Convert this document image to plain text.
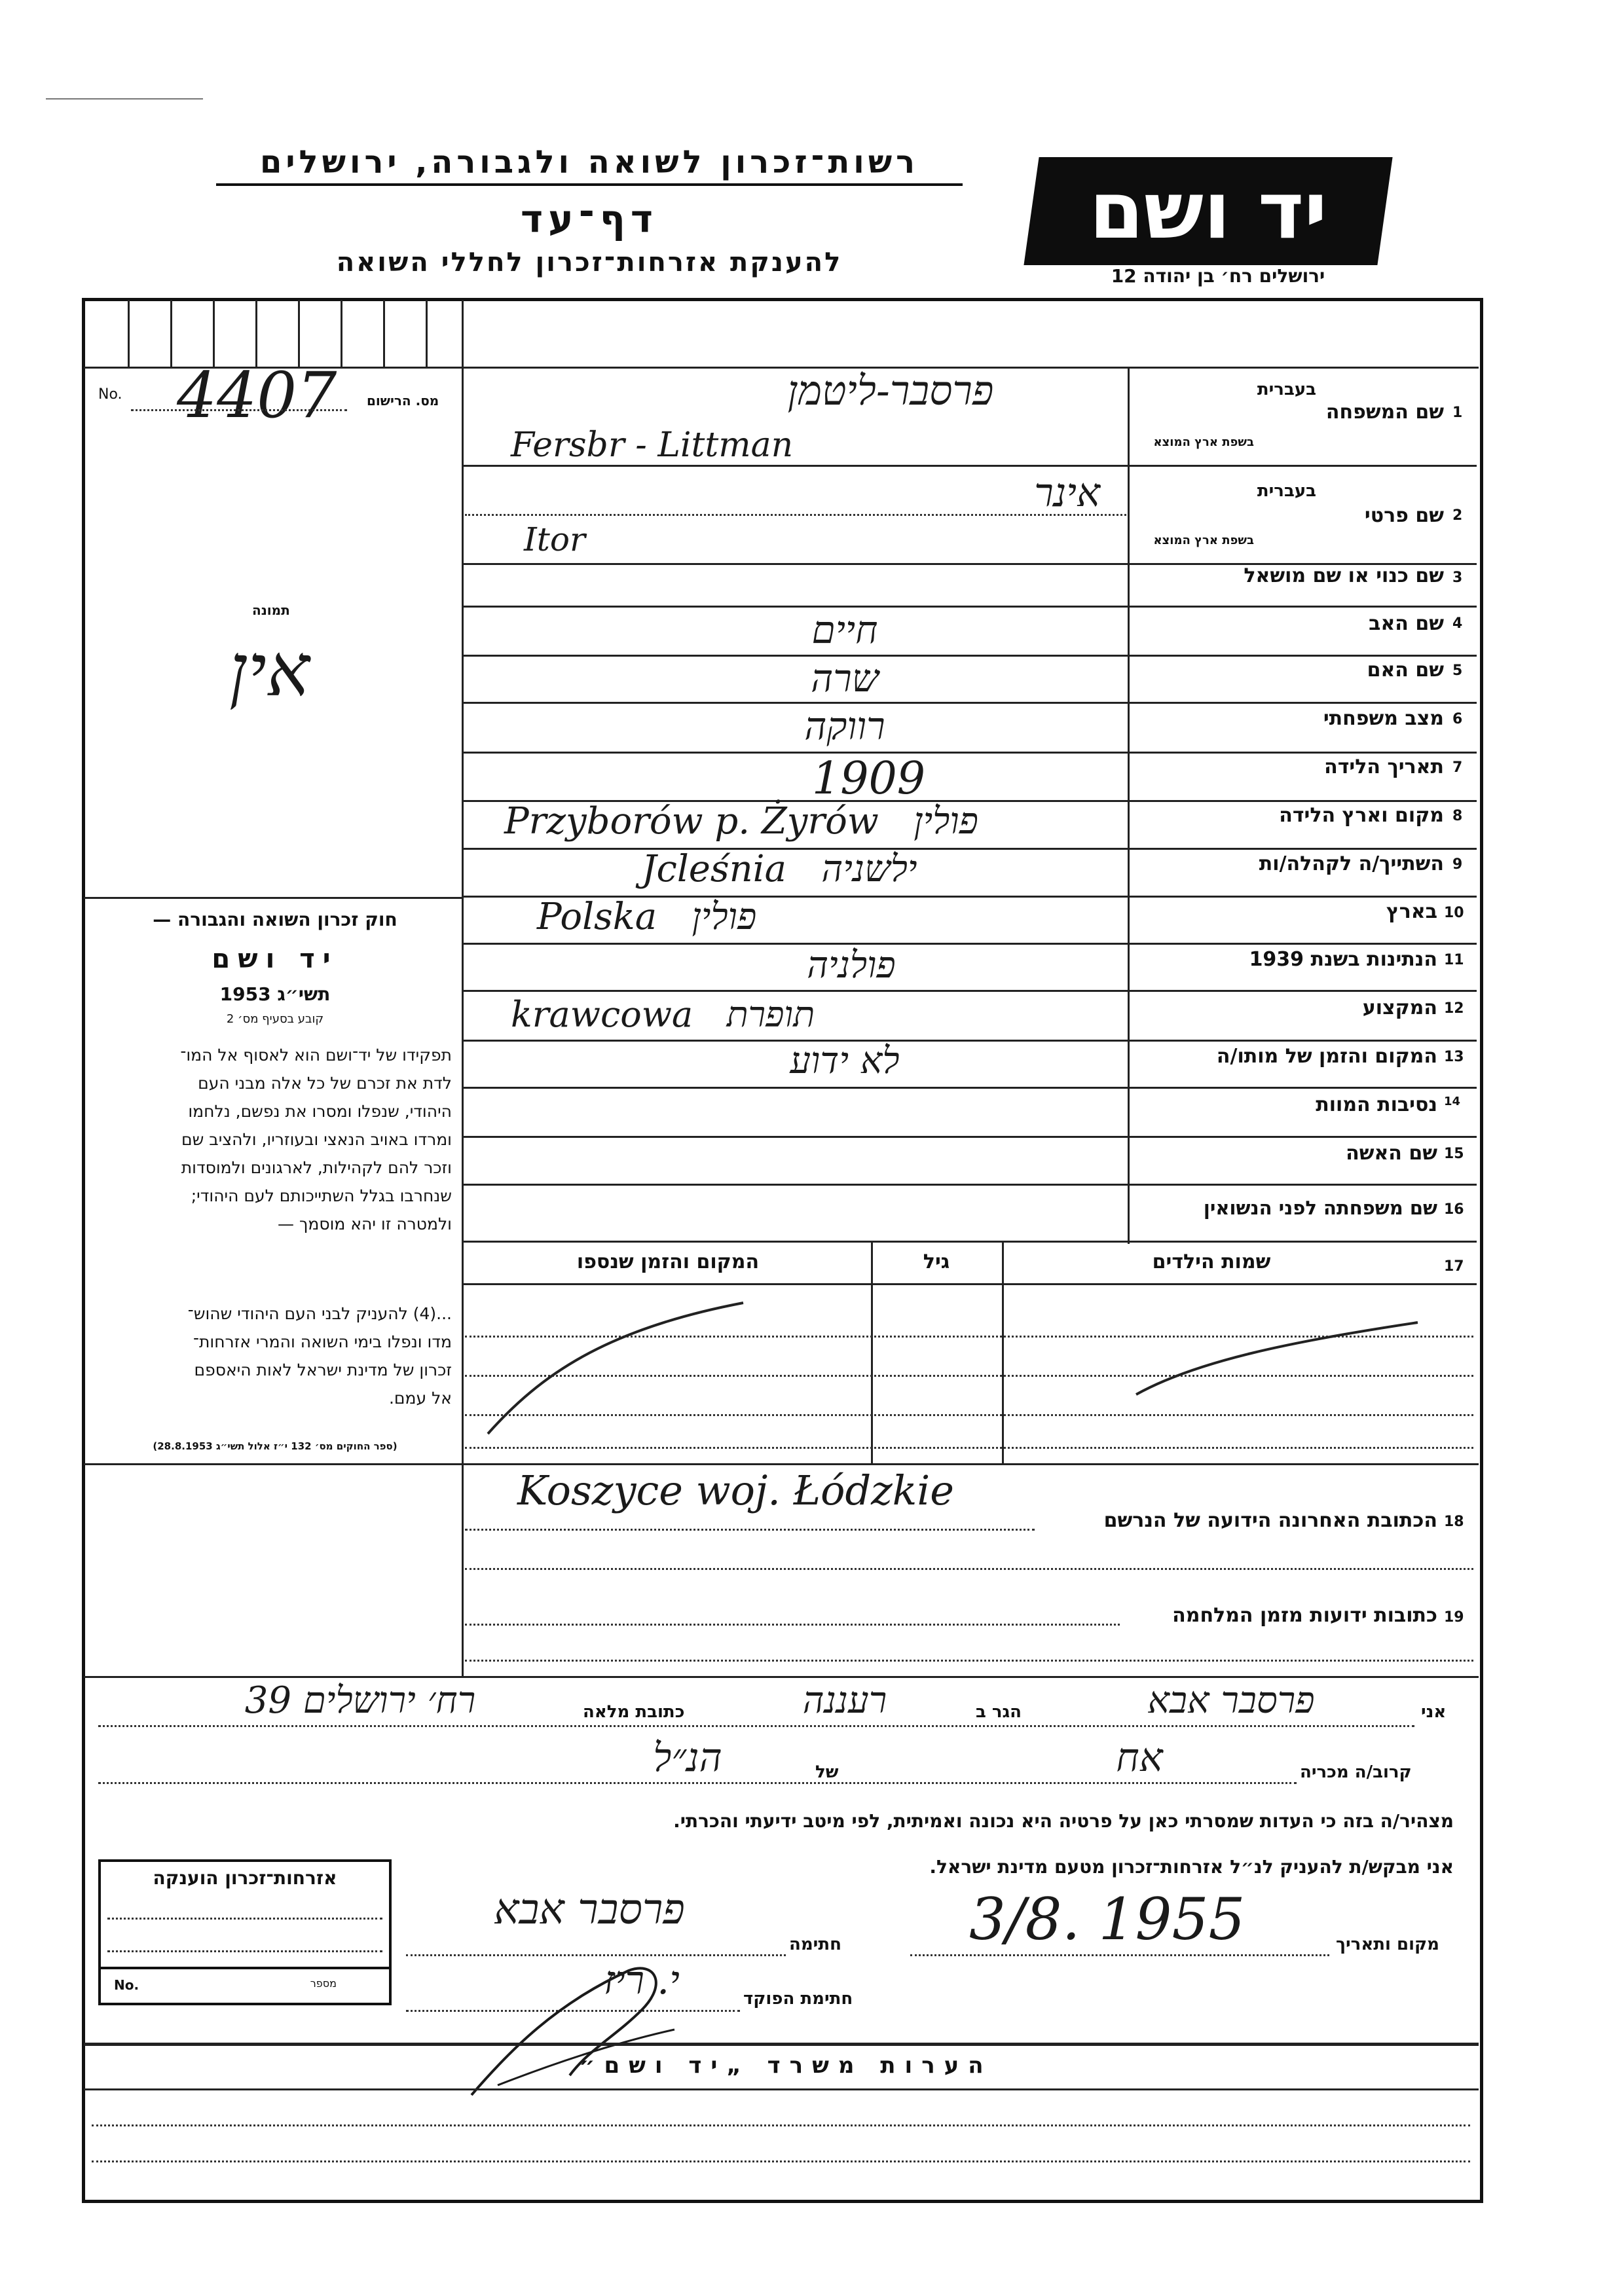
יד ושם
ירושלים רח׳ בן יהודה 12
רשות־זכרון לשואה ולגבורה, ירושלים
דף־עד
להענקת אזרחות־זכרון לחללי השואה
No. 4407 מס. הרישום
תמונה
אין
חוק זכרון השואה והגבורה —
יד ושם
תשי״ג 1953
קובע בסעיף מס׳ 2
תפקידו של יד־ושם הוא לאסוף אל המו־
לדת את זכרם של כל אלה מבני העם
היהודי, שנפלו ומסרו את נפשם, נלחמו
ומרדו באויב הנאצי ובעוזריו, ולהציב שם
וזכר להם לקהילות, לארגונים ולמוסדות
שנחרבו בגלל השתייכותם לעם היהודי;
ולמטרה זו יהא מוסמך —
...(4) להעניק לבני העם היהודי שהוש־
מדו ונפלו בימי השואה והמרי אזרחות־
זכרון של מדינת ישראל לאות היאספם
אל עמם.
(ספר החוקים מס׳ 132 י״ז אלול תשי״ג 28.8.1953)
1
שם המשפחה
בעברית
בשפת ארץ המוצא
פרסבר-ליטמן
Fersbr - Littman
2
שם פרטי
בעברית
בשפת ארץ המוצא
אינר
Itor
3
שם כנוי או שם מושאל
4
שם האב
חיים
5
שם האם
שרה
6
מצב משפחתי
רווקה
7
תאריך הלידה
1909
8
מקום וארץ הלידה
Przyborów p. Żyrów   פולין
9
השתייך/ה לקהלה/ות
Jcleśnia   ילשניה
10
בארץ
Polska   פולין
11
הנתינות בשנת 1939
פולניה
12
המקצוע
krawcowa   תופרת
13
המקום והזמן של מותו/ה
לא ידוע
14
נסיבות המוות
15
שם האשה
16
שם משפחתה לפני הנשואין
17
שמות הילדים
גיל
המקום והזמן שנספו
Koszyce woj. Łódzkie
18
הכתובת האחרונה הידועה של הנרשם
19
כתובות ידועות מזמן המלחמה
אני
פרסבר אבא
הגר ב
רעננה
כתובת מלאה
רח׳ ירושלים 39
קרוב/ה מכריה
אח
של
הנ״ל
מצהיר/ה בזה כי העדות שמסרתי כאן על פרטיה היא נכונה ואמיתית, לפי מיטב ידיעתי והכרתי.
אני מבקש/ת להעניק לנ״ל אזרחות־זכרון מטעם מדינת ישראל.
אזרחות־זכרון הוענקה
No.	מספר
מקום ותאריך
3/8. 1955
חתימה
פרסבר אבא
חתימת הפוקד
י. ריז
הערות משרד „יד ושם״
